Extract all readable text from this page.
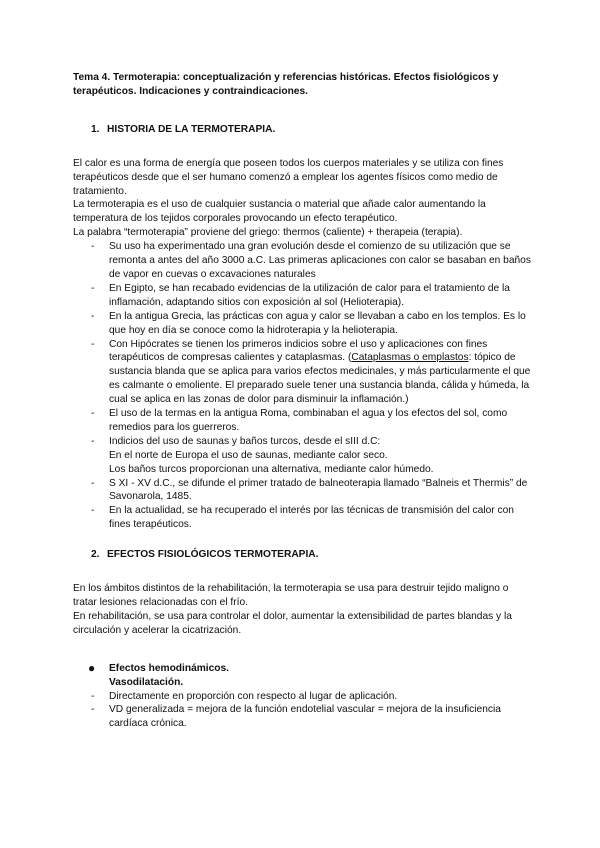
Tema 4. Termoterapia: conceptualización y referencias históricas. Efectos fisiológicos y terapéuticos. Indicaciones y contraindicaciones.

1. HISTORIA DE LA TERMOTERAPIA.

El calor es una forma de energía que poseen todos los cuerpos materiales y se utiliza con fines terapéuticos desde que el ser humano comenzó a emplear los agentes físicos como medio de tratamiento.

La termoterapia es el uso de cualquier sustancia o material que añade calor aumentando la temperatura de los tejidos corporales provocando un efecto terapéutico.

La palabra “termoterapia” proviene del griego: thermos (caliente) + therapeia (terapia).

- Su uso ha experimentado una gran evolución desde el comienzo de su utilización que se remonta a antes del año 3000 a.C. Las primeras aplicaciones con calor se basaban en baños de vapor en cuevas o excavaciones naturales
- En Egipto, se han recabado evidencias de la utilización de calor para el tratamiento de la inflamación, adaptando sitios con exposición al sol (Helioterapia).
- En la antigua Grecia, las prácticas con agua y calor se llevaban a cabo en los templos. Es lo que hoy en día se conoce como la hidroterapia y la helioterapia.
- Con Hipócrates se tienen los primeros indicios sobre el uso y aplicaciones con fines terapéuticos de compresas calientes y cataplasmas. (Cataplasmas o emplastos: tópico de sustancia blanda que se aplica para varios efectos medicinales, y más particularmente el que es calmante o emoliente. El preparado suele tener una sustancia blanda, cálida y húmeda, la cual se aplica en las zonas de dolor para disminuir la inflamación.)
- El uso de la termas en la antigua Roma, combinaban el agua y los efectos del sol, como remedios para los guerreros.
- Indicios del uso de saunas y baños turcos, desde el sIII d.C:
En el norte de Europa el uso de saunas, mediante calor seco.
Los baños turcos proporcionan una alternativa, mediante calor húmedo.
- S XI - XV d.C., se difunde el primer tratado de balneoterapia llamado “Balneis et Thermis” de Savonarola, 1485.
- En la actualidad, se ha recuperado el interés por las técnicas de transmisión del calor con fines terapéuticos.

2. EFECTOS FISIOLÓGICOS TERMOTERAPIA.

En los ámbitos distintos de la rehabilitación, la termoterapia se usa para destruir tejido maligno o tratar lesiones relacionadas con el frío.

En rehabilitación, se usa para controlar el dolor, aumentar la extensibilidad de partes blandas y la circulación y acelerar la cicatrización.

● Efectos hemodinámicos.
Vasodilatación.
- Directamente en proporción con respecto al lugar de aplicación.
- VD generalizada = mejora de la función endotelial vascular = mejora de la insuficiencia cardíaca crónica.
